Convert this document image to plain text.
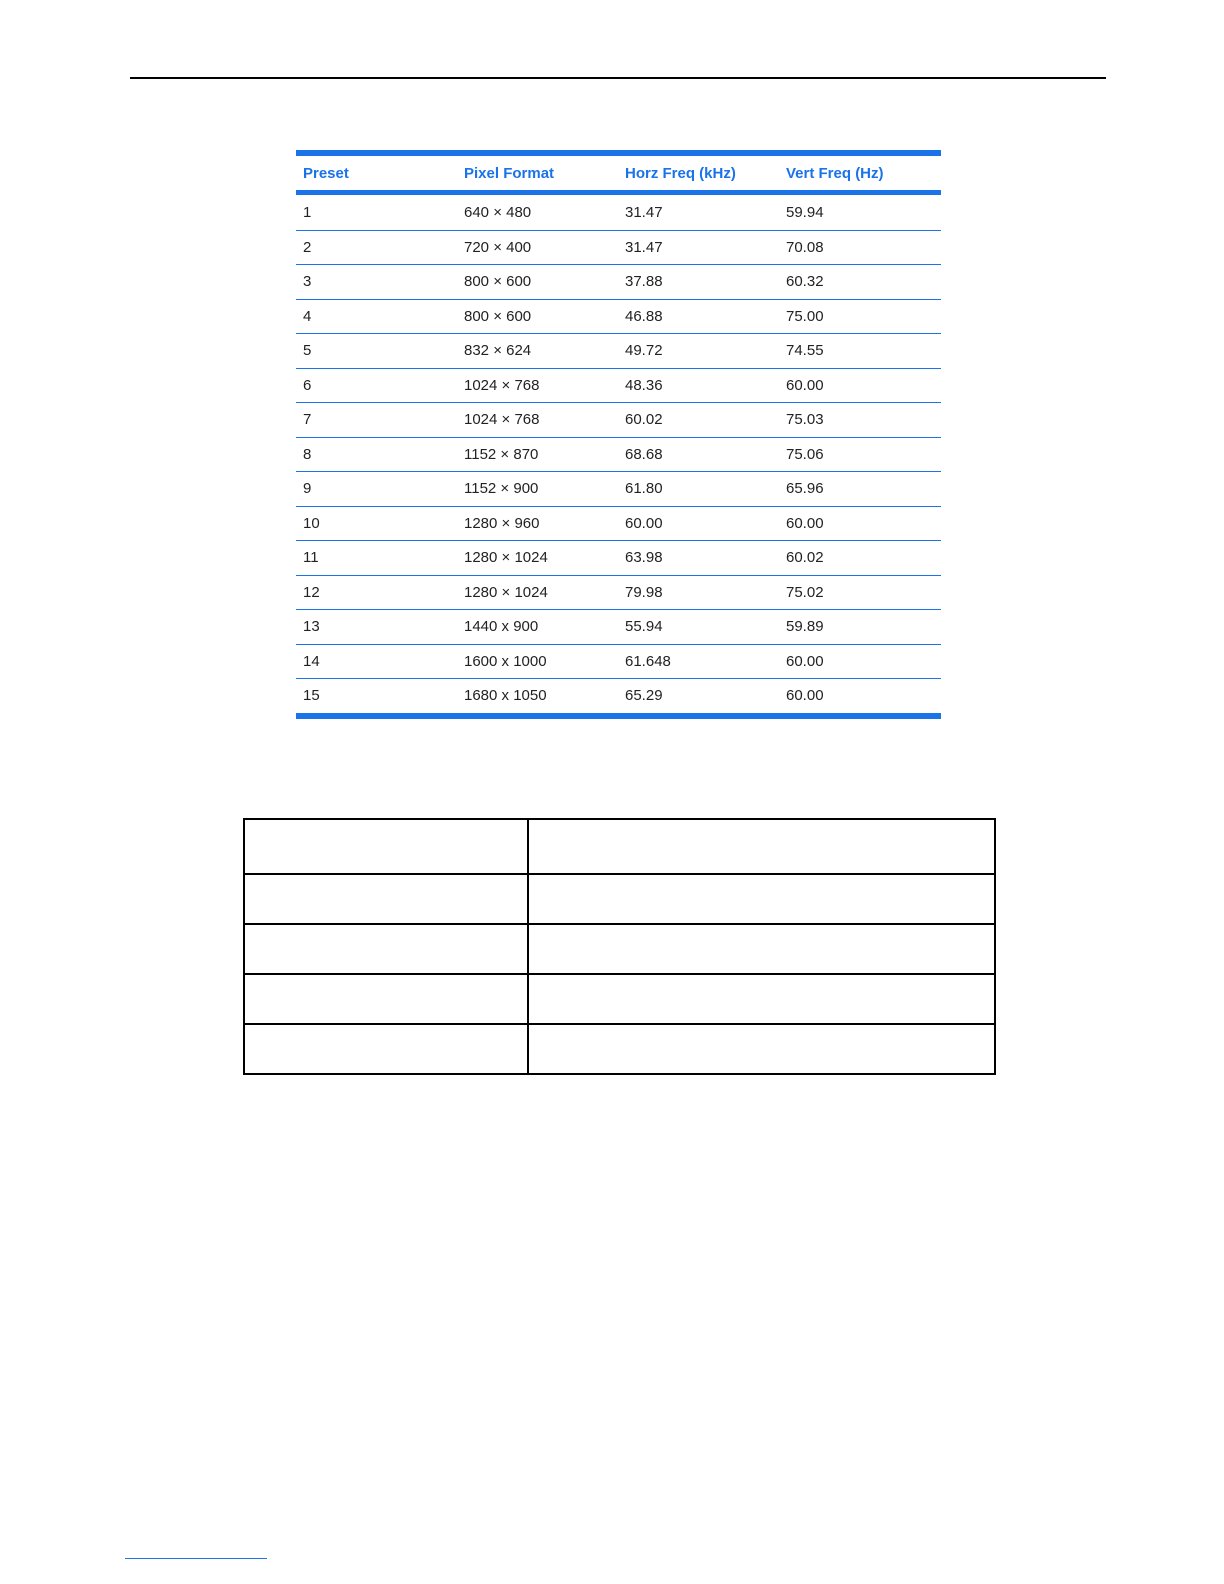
Preset	Pixel Format	Horz Freq (kHz)	Vert Freq (Hz)
1	640 × 480	31.47	59.94
2	720 × 400	31.47	70.08
3	800 × 600	37.88	60.32
4	800 × 600	46.88	75.00
5	832 × 624	49.72	74.55
6	1024 × 768	48.36	60.00
7	1024 × 768	60.02	75.03
8	1152 × 870	68.68	75.06
9	1152 × 900	61.80	65.96
10	1280 × 960	60.00	60.00
11	1280 × 1024	63.98	60.02
12	1280 × 1024	79.98	75.02
13	1440 x 900	55.94	59.89
14	1600 x 1000	61.648	60.00
15	1680 x 1050	65.29	60.00
